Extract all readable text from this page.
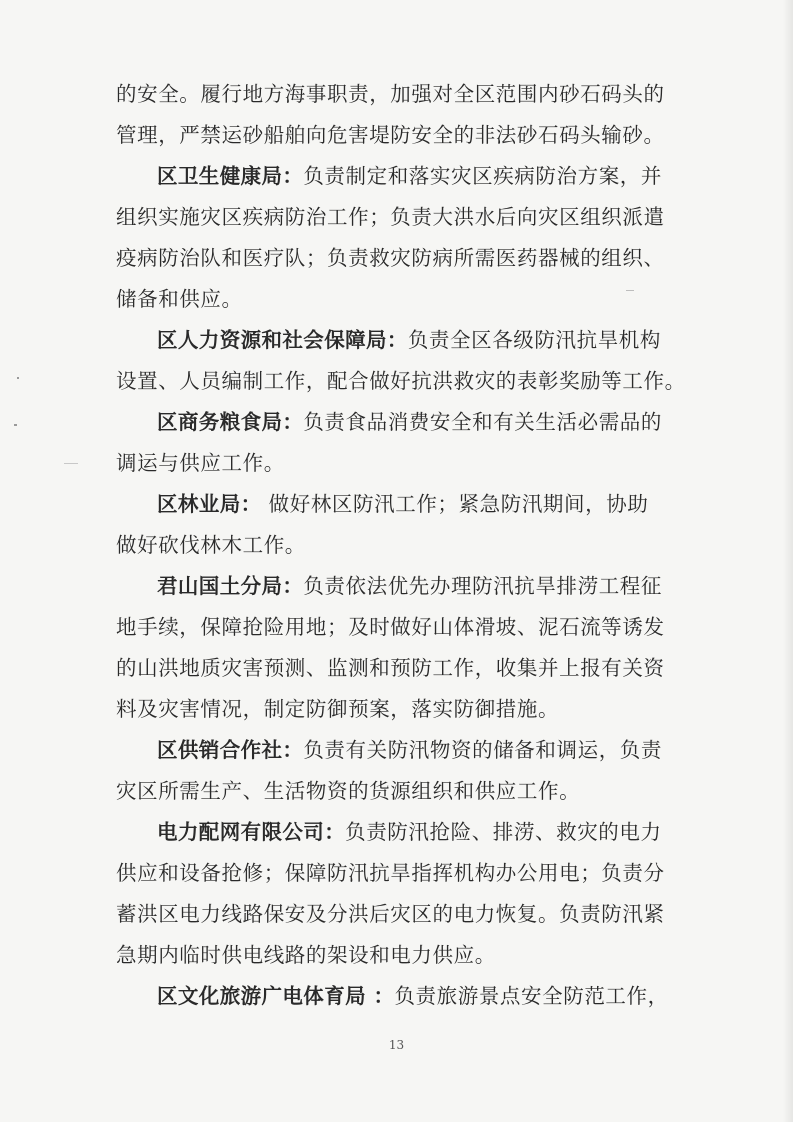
的安全。履行地方海事职责，加强对全区范围内砂石码头的
管理，严禁运砂船舶向危害堤防安全的非法砂石码头输砂。
区卫生健康局：负责制定和落实灾区疾病防治方案，并
组织实施灾区疾病防治工作；负责大洪水后向灾区组织派遣
疫病防治队和医疗队；负责救灾防病所需医药器械的组织、
储备和供应。
区人力资源和社会保障局：负责全区各级防汛抗旱机构
设置、人员编制工作，配合做好抗洪救灾的表彰奖励等工作。
区商务粮食局：负责食品消费安全和有关生活必需品的
调运与供应工作。
区林业局： 做好林区防汛工作；紧急防汛期间，协助
做好砍伐林木工作。
君山国土分局：负责依法优先办理防汛抗旱排涝工程征
地手续，保障抢险用地；及时做好山体滑坡、泥石流等诱发
的山洪地质灾害预测、监测和预防工作，收集并上报有关资
料及灾害情况，制定防御预案，落实防御措施。
区供销合作社：负责有关防汛物资的储备和调运，负责
灾区所需生产、生活物资的货源组织和供应工作。
电力配网有限公司：负责防汛抢险、排涝、救灾的电力
供应和设备抢修；保障防汛抗旱指挥机构办公用电；负责分
蓄洪区电力线路保安及分洪后灾区的电力恢复。负责防汛紧
急期内临时供电线路的架设和电力供应。
区文化旅游广电体育局 ：负责旅游景点安全防范工作，
13
